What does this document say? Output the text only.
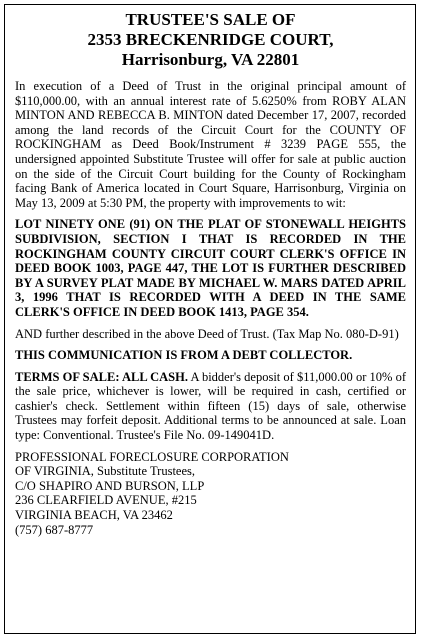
TRUSTEE'S SALE OF
2353 BRECKENRIDGE COURT,
Harrisonburg, VA 22801

In execution of a Deed of Trust in the original principal amount of $110,000.00, with an annual interest rate of 5.6250% from ROBY ALAN MINTON AND REBECCA B. MINTON dated December 17, 2007, recorded among the land records of the Circuit Court for the COUNTY OF ROCKINGHAM as Deed Book/Instrument # 3239 PAGE 555, the undersigned appointed Substitute Trustee will offer for sale at public auction on the side of the Circuit Court building for the County of Rockingham facing Bank of America located in Court Square, Harrisonburg, Virginia on May 13, 2009 at 5:30 PM, the property with improvements to wit:

LOT NINETY ONE (91) ON THE PLAT OF STONEWALL HEIGHTS SUBDIVISION, SECTION I THAT IS RECORDED IN THE ROCKINGHAM COUNTY CIRCUIT COURT CLERK'S OFFICE IN DEED BOOK 1003, PAGE 447, THE LOT IS FURTHER DESCRIBED BY A SURVEY PLAT MADE BY MICHAEL W. MARS DATED APRIL 3, 1996 THAT IS RECORDED WITH A DEED IN THE SAME CLERK'S OFFICE IN DEED BOOK 1413, PAGE 354.

AND further described in the above Deed of Trust. (Tax Map No. 080-D-91)

THIS COMMUNICATION IS FROM A DEBT COLLECTOR.

TERMS OF SALE: ALL CASH. A bidder's deposit of $11,000.00 or 10% of the sale price, whichever is lower, will be required in cash, certified or cashier's check. Settlement within fifteen (15) days of sale, otherwise Trustees may forfeit deposit. Additional terms to be announced at sale. Loan type: Conventional. Trustee's File No. 09-149041D.

PROFESSIONAL FORECLOSURE CORPORATION
OF VIRGINIA, Substitute Trustees,
C/O SHAPIRO AND BURSON, LLP
236 CLEARFIELD AVENUE, #215
VIRGINIA BEACH, VA 23462
(757) 687-8777
